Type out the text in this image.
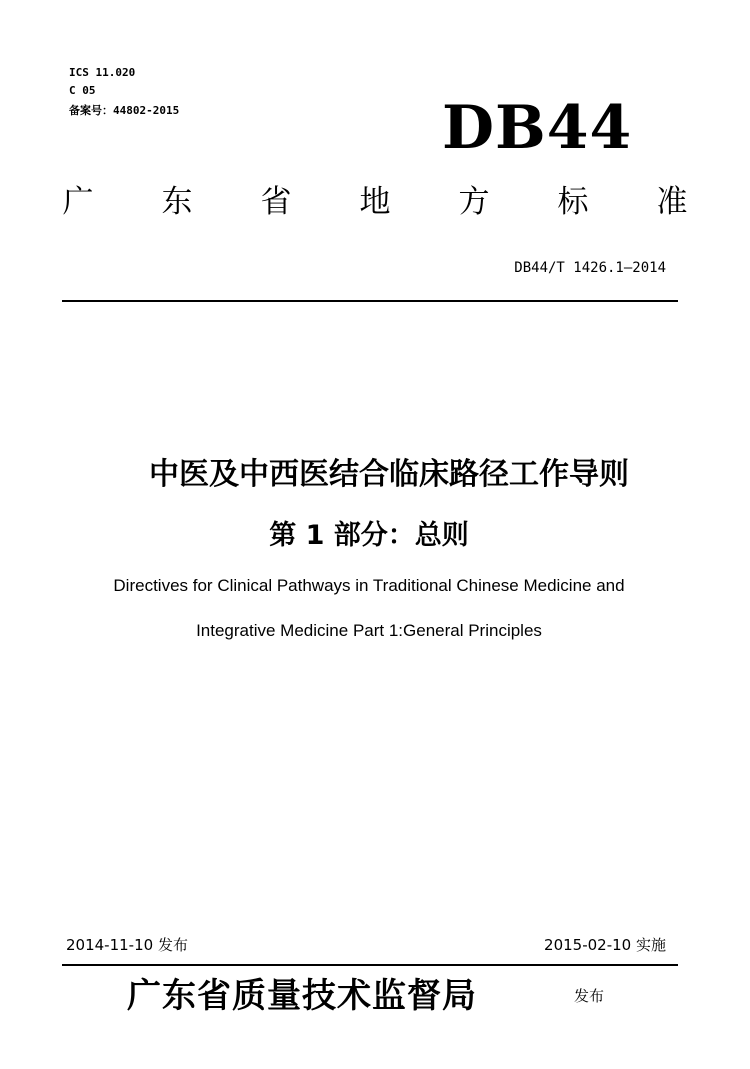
ICS 11.020
C 05
备案号：44802-2015	DB44
广 东 省 地 方 标 准
DB44/T 1426.1—2014
中医及中西医结合临床路径工作导则
第 1 部分：总则
Directives for Clinical Pathways in Traditional Chinese Medicine and
Integrative Medicine Part 1:General Principles
2014-11-10 发布	2015-02-10 实施
广东省质量技术监督局	发布
